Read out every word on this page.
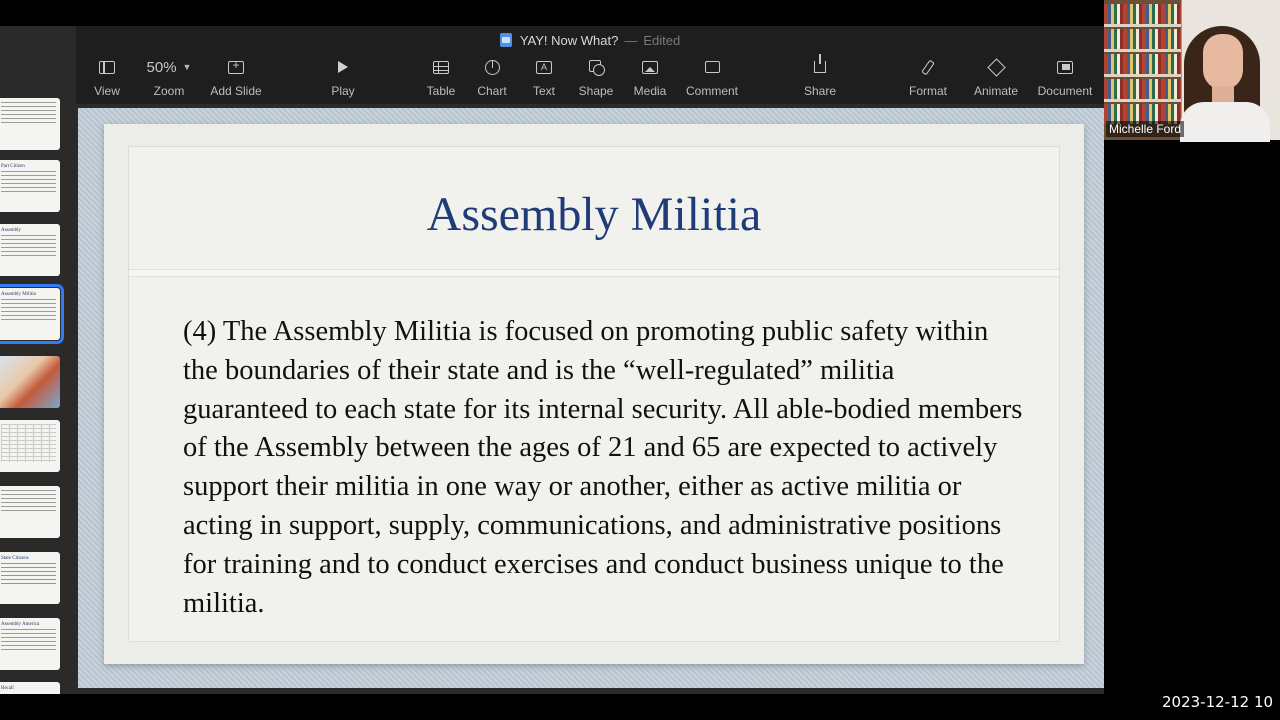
YAY! Now What? — Edited
View
50% ▼
Zoom
+ Add Slide	Play	Table Chart
A
Text Shape Media Comment	Share	Format Animate Document
Part Citizen
Assembly
Assembly Militia
State Citizens
Assembly America
Recall
Assembly Militia
(4) The Assembly Militia is focused on promoting public safety within the boundaries of their state and is the “well-regulated” militia guaranteed to each state for its internal security. All able-bodied members of the Assembly between the ages of 21 and 65 are expected to actively support their militia in one way or another, either as active militia or acting in support, supply, communications, and administrative positions for training and to conduct exercises and conduct business unique to the militia.
Michelle Ford
2023-12-12 10
